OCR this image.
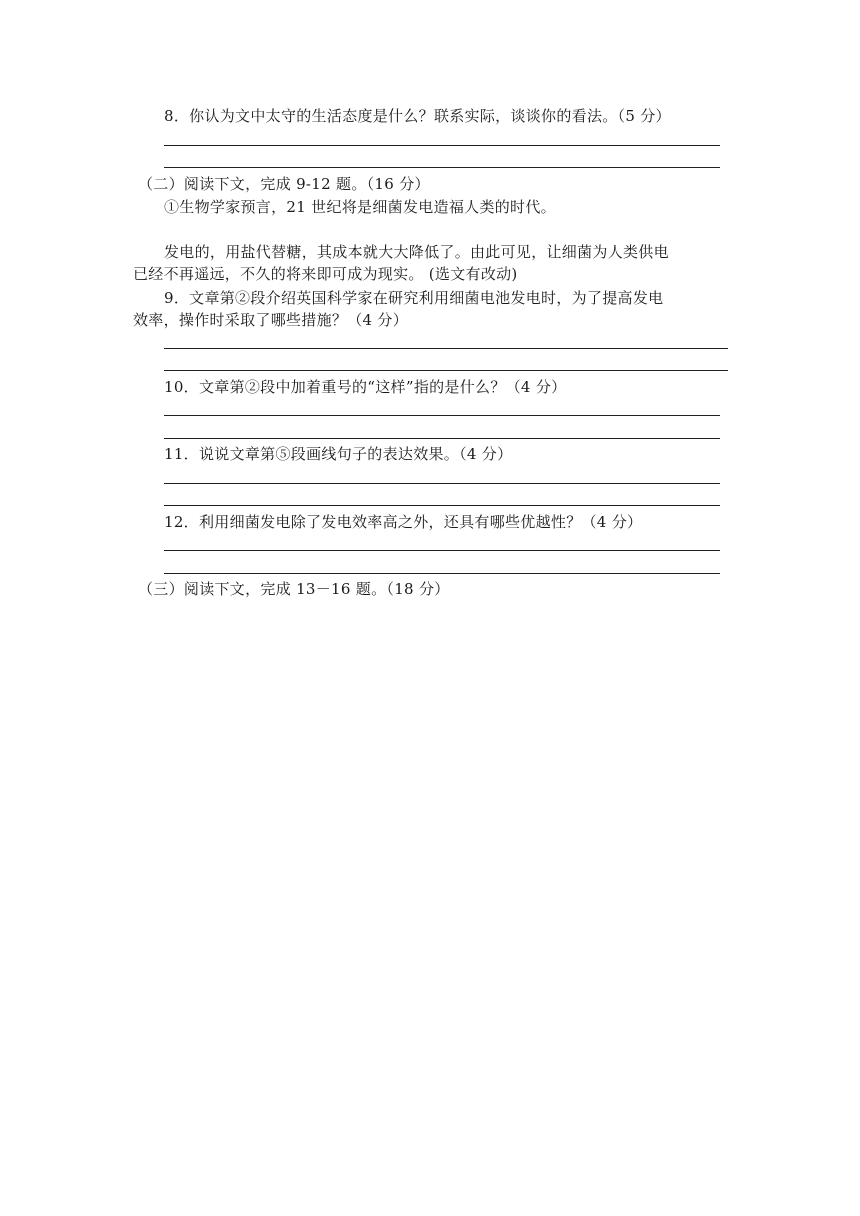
8．你认为文中太守的生活态度是什么？联系实际，谈谈你的看法。（5 分）
（二）阅读下文，完成 9-12 题。（16 分）
①生物学家预言，21 世纪将是细菌发电造福人类的时代。
发电的，用盐代替糖，其成本就大大降低了。由此可见，让细菌为人类供电
已经不再遥远，不久的将来即可成为现实。 (选文有改动)
9．文章第②段介绍英国科学家在研究利用细菌电池发电时，为了提高发电
效率，操作时采取了哪些措施？（4 分）
10．文章第②段中加着重号的“这样”指的是什么？（4 分）
11．说说文章第⑤段画线句子的表达效果。（4 分）
12．利用细菌发电除了发电效率高之外，还具有哪些优越性？（4 分）
（三）阅读下文，完成 13－16 题。（18 分）
